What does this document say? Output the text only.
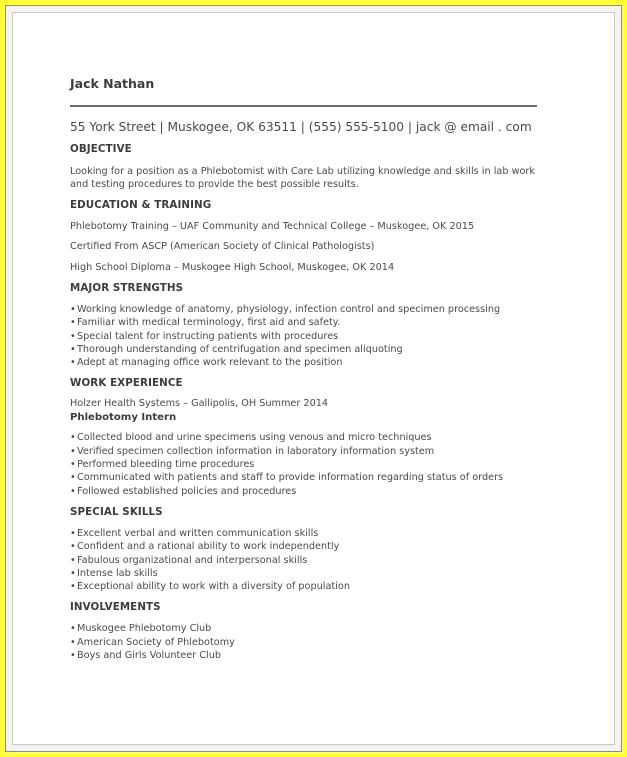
Jack Nathan
55 York Street | Muskogee, OK 63511 | (555) 555-5100 | jack @ email . com
OBJECTIVE
Looking for a position as a Phlebotomist with Care Lab utilizing knowledge and skills in lab work and testing procedures to provide the best possible results.
EDUCATION & TRAINING
Phlebotomy Training – UAF Community and Technical College – Muskogee, OK 2015
Certified From ASCP (American Society of Clinical Pathologists)
High School Diploma – Muskogee High School, Muskogee, OK 2014
MAJOR STRENGTHS
•Working knowledge of anatomy, physiology, infection control and specimen processing
•Familiar with medical terminology, first aid and safety.
•Special talent for instructing patients with procedures
•Thorough understanding of centrifugation and specimen aliquoting
•Adept at managing office work relevant to the position
WORK EXPERIENCE
Holzer Health Systems – Gallipolis, OH Summer 2014
Phlebotomy Intern
•Collected blood and urine specimens using venous and micro techniques
•Verified specimen collection information in laboratory information system
•Performed bleeding time procedures
•Communicated with patients and staff to provide information regarding status of orders
•Followed established policies and procedures
SPECIAL SKILLS
•Excellent verbal and written communication skills
•Confident and a rational ability to work independently
•Fabulous organizational and interpersonal skills
•Intense lab skills
•Exceptional ability to work with a diversity of population
INVOLVEMENTS
•Muskogee Phlebotomy Club
•American Society of Phlebotomy
•Boys and Girls Volunteer Club
